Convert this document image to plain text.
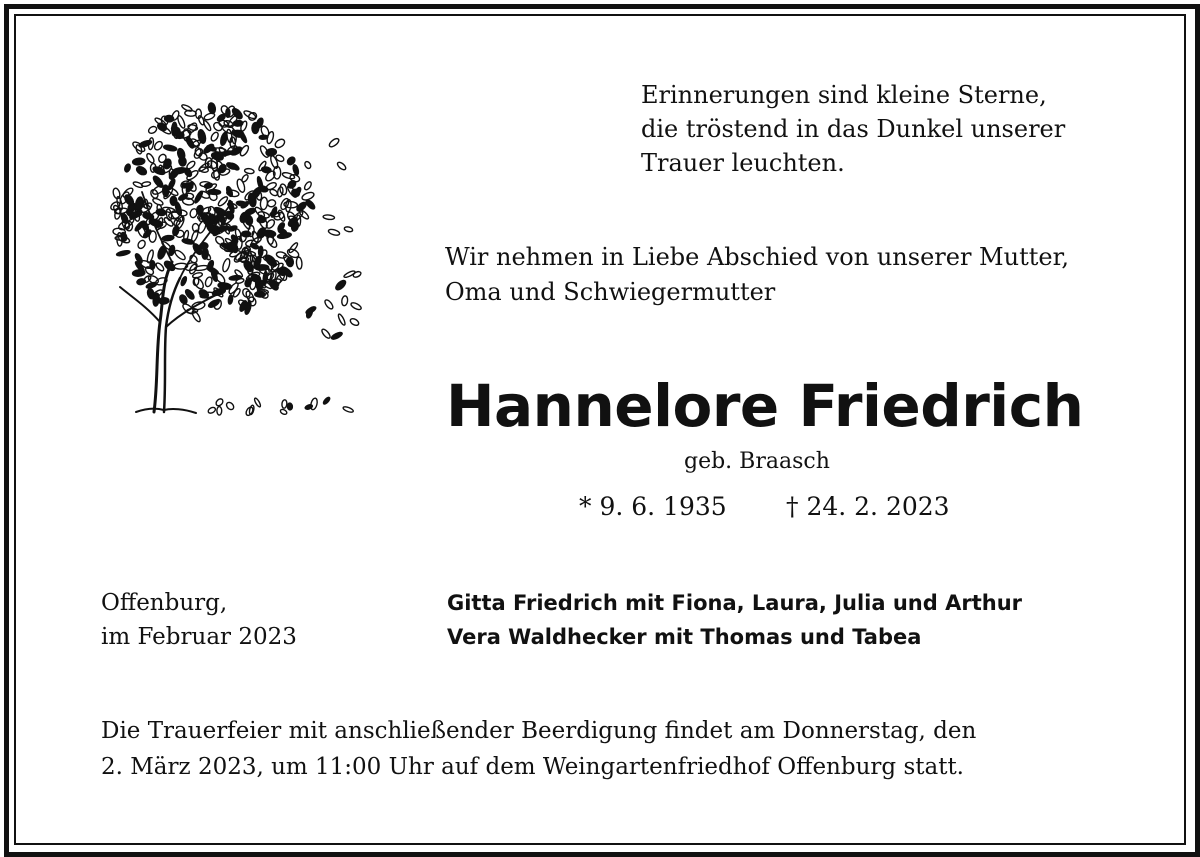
Erinnerungen sind kleine Sterne,
die tröstend in das Dunkel unserer
Trauer leuchten.
Wir nehmen in Liebe Abschied von unserer Mutter,
Oma und Schwiegermutter
Hannelore Friedrich
geb. Braasch
* 9. 6. 1935 † 24. 2. 2023
Offenburg,
im Februar 2023
Gitta Friedrich mit Fiona, Laura, Julia und Arthur
Vera Waldhecker mit Thomas und Tabea
Die Trauerfeier mit anschließender Beerdigung findet am Donnerstag, den
2. März 2023, um 11:00 Uhr auf dem Weingartenfriedhof Offenburg statt.
